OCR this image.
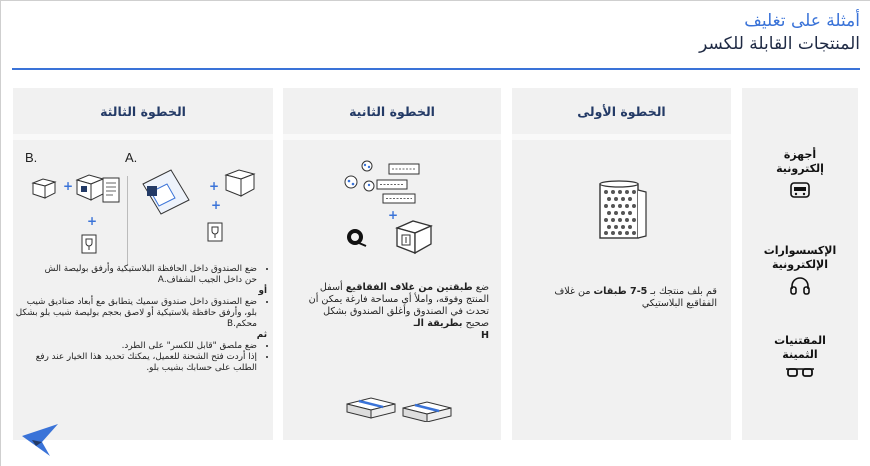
أمثلة على تغليف
المنتجات القابلة للكسر
أجهزة
إلكترونية
الإكسسوارات
الإلكترونية
المقتنيات
الثمينة
الخطوة الأولى
قم بلف منتجك بـ 5-7 طبقات من غلاف الفقاقيع البلاستيكي
الخطوة الثانية
+
ضع طبقتين من غلاف الفقاقيع أسفل المنتج وفوقه، واملأ أي مساحة فارغة يمكن أن تحدث في الصندوق وأغلق الصندوق بشكل صحيح بطريقة الـ
H
الخطوة الثالثة
B.	A.
+
+
+
+
• ضع الصندوق داخل الحافظة البلاستيكية وأرفق بوليصة الش
حن داخل الجيب الشفاف.A
أو
• ضع الصندوق داخل صندوق سميك يتطابق مع أبعاد صناديق شيب بلو، وأرفق حافظة بلاستيكية أو لاصق بحجم بوليصة شيب بلو بشكل محكم.B
ثم
• ضع ملصق "قابل للكسر" على الطرد.
• إذا أردت فتح الشحنة للعميل، يمكنك تحديد هذا الخيار عند رفع الطلب على حسابك بشيب بلو.
